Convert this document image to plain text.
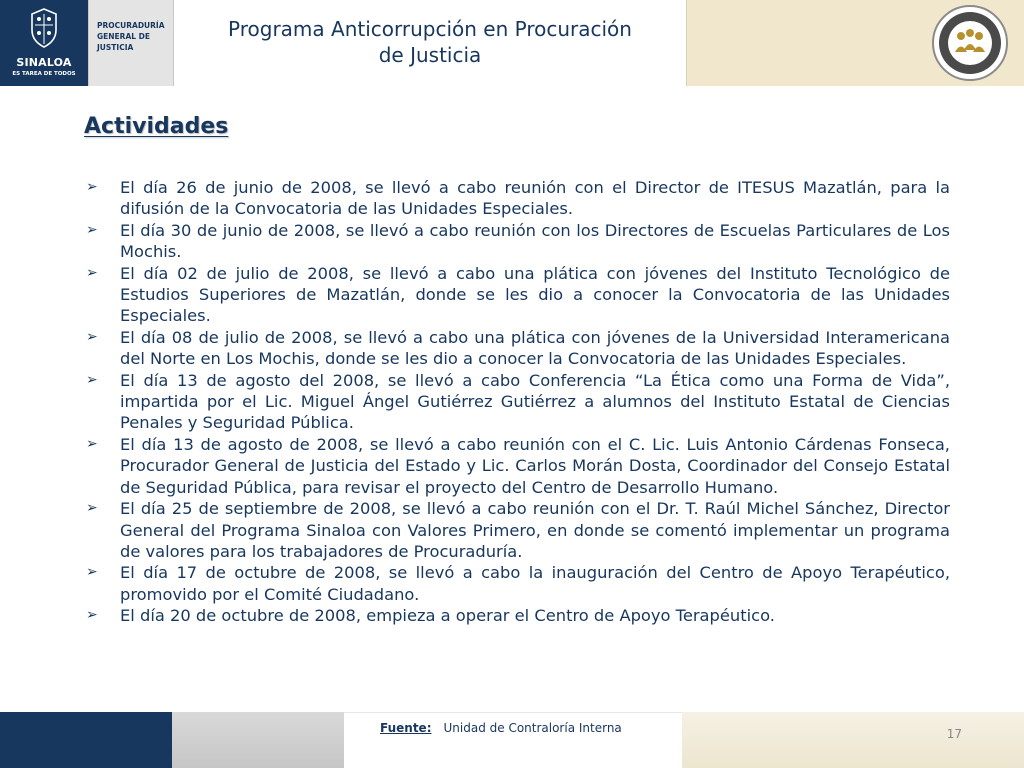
SINALOA
ES TAREA DE TODOS
PROCURADURÍA
GENERAL DE
JUSTICIA
Programa Anticorrupción en Procuración
de Justicia
Actividades
➢	El día 26 de junio de 2008, se llevó a cabo reunión con el Director de ITESUS Mazatlán, para la difusión de la Convocatoria de las Unidades Especiales.
➢	El día 30 de junio de 2008, se llevó a cabo reunión con los Directores de Escuelas Particulares de Los Mochis.
➢	El día 02 de julio de 2008, se llevó a cabo una plática con jóvenes del Instituto Tecnológico de Estudios Superiores de Mazatlán, donde se les dio a conocer la Convocatoria de las Unidades Especiales.
➢	El día 08 de julio de 2008, se llevó a cabo una plática con jóvenes de la Universidad Interamericana del Norte en Los Mochis, donde se les dio a conocer la Convocatoria de las Unidades Especiales.
➢	El día 13 de agosto del 2008, se llevó a cabo Conferencia “La Ética como una Forma de Vida”, impartida por el Lic. Miguel Ángel Gutiérrez Gutiérrez a alumnos del Instituto Estatal de Ciencias Penales y Seguridad Pública.
➢	El día 13 de agosto de 2008, se llevó a cabo reunión con el C. Lic. Luis Antonio Cárdenas Fonseca, Procurador General de Justicia del Estado y Lic. Carlos Morán Dosta, Coordinador del Consejo Estatal de Seguridad Pública, para revisar el proyecto del Centro de Desarrollo Humano.
➢	El día 25 de septiembre de 2008, se llevó a cabo reunión con el Dr. T. Raúl Michel Sánchez, Director General del Programa Sinaloa con Valores Primero, en donde se comentó implementar un programa de valores para los trabajadores de Procuraduría.
➢	El día 17 de octubre de 2008, se llevó a cabo la inauguración del Centro de Apoyo Terapéutico, promovido por el Comité Ciudadano.
➢	El día 20 de octubre de 2008, empieza a operar el Centro de Apoyo Terapéutico.
Fuente: Unidad de Contraloría Interna	17
